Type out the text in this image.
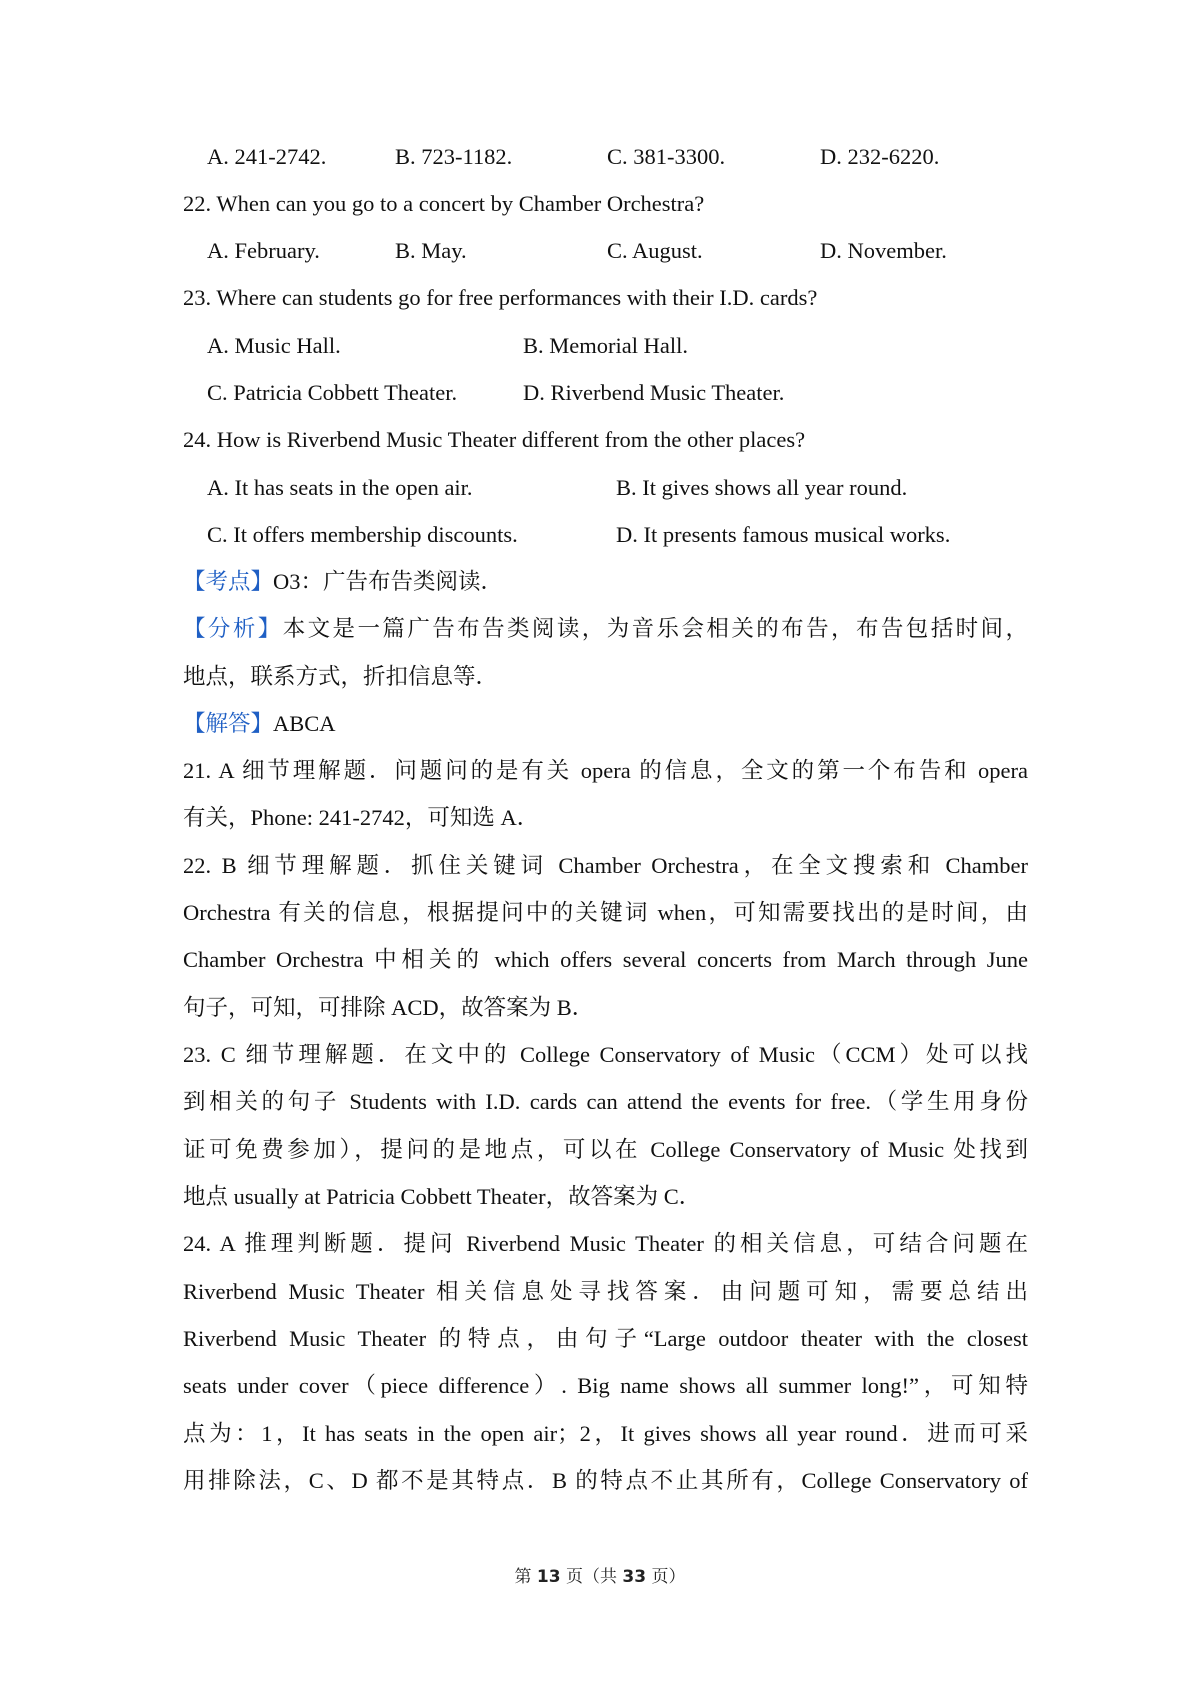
A. 241-2742.	B. 723-1182.	C. 381-3300.	D. 232-6220.
22. When can you go to a concert by Chamber Orchestra?
A. February.	B. May.	C. August.	D. November.
23. Where can students go for free performances with their I.D. cards?
A. Music Hall.	B. Memorial Hall.
C. Patricia Cobbett Theater.	D. Riverbend Music Theater.
24. How is Riverbend Music Theater different from the other places?
A. It has seats in the open air.	B. It gives shows all year round.
C. It offers membership discounts.	D. It presents famous musical works.
【考点】O3：广告布告类阅读．
【分析】本文是一篇广告布告类阅读，为音乐会相关的布告，布告包括时间，
地点，联系方式，折扣信息等．
【解答】ABCA
21. A 细节理解题．问题问的是有关 opera 的信息，全文的第一个布告和 opera
有关，Phone: 241-2742，可知选 A．
22. B 细节理解题．抓住关键词 Chamber Orchestra，在全文搜索和 Chamber
Orchestra 有关的信息，根据提问中的关键词 when，可知需要找出的是时间，由
Chamber Orchestra 中相关的 which offers several concerts from March through June
句子，可知，可排除 ACD，故答案为 B．
23. C 细节理解题．在文中的 College Conservatory of Music（CCM）处可以找
到相关的句子 Students with I.D. cards can attend the events for free.（学生用身份
证可免费参加），提问的是地点，可以在 College Conservatory of Music 处找到
地点 usually at Patricia Cobbett Theater，故答案为 C．
24. A 推理判断题．提问 Riverbend Music Theater 的相关信息，可结合问题在
Riverbend Music Theater 相关信息处寻找答案．由问题可知，需要总结出
Riverbend Music Theater 的特点，由句子“Large outdoor theater with the closest
seats under cover（piece difference）. Big name shows all summer long!”，可知特
点为：1，It has seats in the open air；2，It gives shows all year round．进而可采
用排除法，C、D 都不是其特点．B 的特点不止其所有，College Conservatory of
第 13 页（共 33 页）
